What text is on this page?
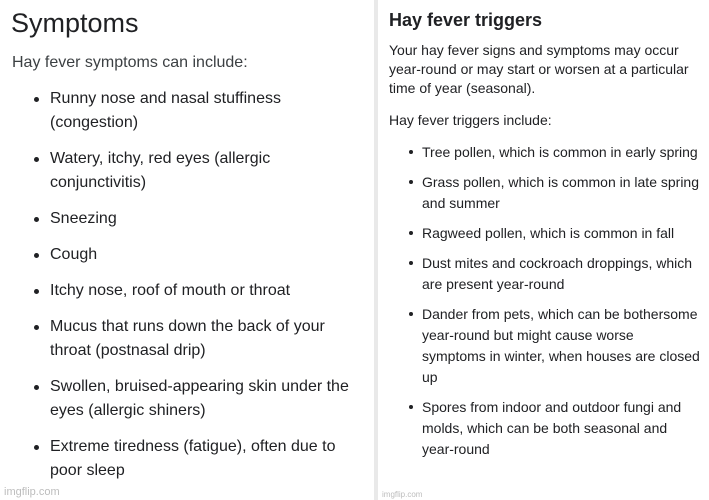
Symptoms

Hay fever symptoms can include:

Runny nose and nasal stuffiness (congestion)
Watery, itchy, red eyes (allergic conjunctivitis)
Sneezing
Cough
Itchy nose, roof of mouth or throat
Mucus that runs down the back of your throat (postnasal drip)
Swollen, bruised-appearing skin under the eyes (allergic shiners)
Extreme tiredness (fatigue), often due to poor sleep
imgflip.com
Hay fever triggers

Your hay fever signs and symptoms may occur year-round or may start or worsen at a particular time of year (seasonal).

Hay fever triggers include:

Tree pollen, which is common in early spring
Grass pollen, which is common in late spring and summer
Ragweed pollen, which is common in fall
Dust mites and cockroach droppings, which are present year-round
Dander from pets, which can be bothersome year-round but might cause worse symptoms in winter, when houses are closed up
Spores from indoor and outdoor fungi and molds, which can be both seasonal and year-round
imgflip.com
